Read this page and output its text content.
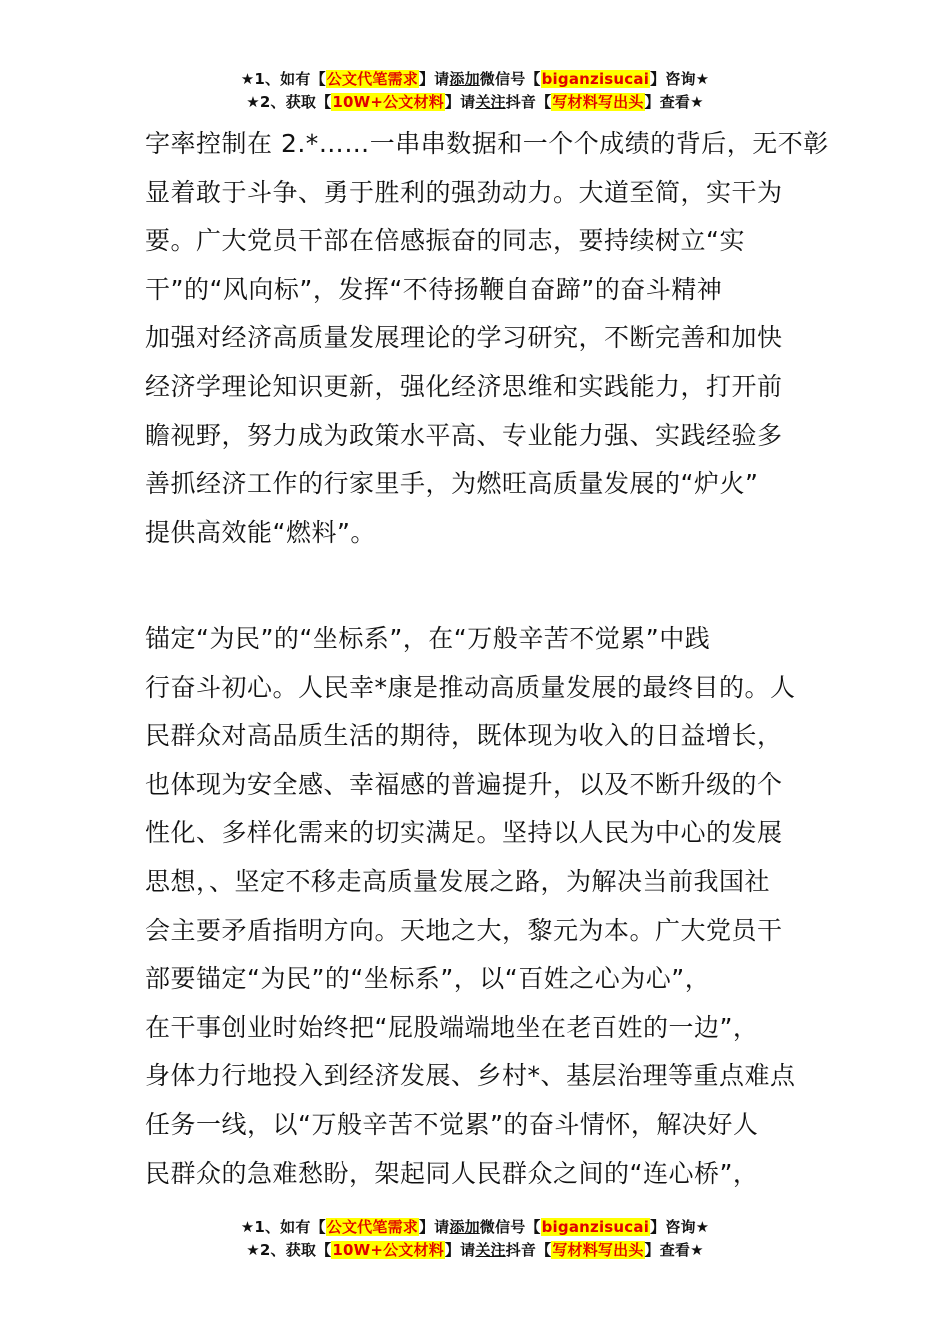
★1、如有【公文代笔需求】请添加微信号【biganzisucai】咨询★
★2、获取【10W+公文材料】请关注抖音【写材料写出头】查看★
字率控制在 2.*……一串串数据和一个个成绩的背后，无不彰
显着敢于斗争、勇于胜利的强劲动力。大道至简，实干为
要。广大党员干部在倍感振奋的同志，要持续树立“实
干”的“风向标”，发挥“不待扬鞭自奋蹄”的奋斗精神
加强对经济高质量发展理论的学习研究，不断完善和加快
经济学理论知识更新，强化经济思维和实践能力，打开前
瞻视野，努力成为政策水平高、专业能力强、实践经验多
善抓经济工作的行家里手，为燃旺高质量发展的“炉火”
提供高效能“燃料”。
锚定“为民”的“坐标系”，在“万般辛苦不觉累”中践
行奋斗初心。人民幸*康是推动高质量发展的最终目的。人
民群众对高品质生活的期待，既体现为收入的日益增长，
也体现为安全感、幸福感的普遍提升，以及不断升级的个
性化、多样化需来的切实满足。坚持以人民为中心的发展
思想，、坚定不移走高质量发展之路，为解决当前我国社
会主要矛盾指明方向。天地之大，黎元为本。广大党员干
部要锚定“为民”的“坐标系”，以“百姓之心为心”，
在干事创业时始终把“屁股端端地坐在老百姓的一边”，
身体力行地投入到经济发展、乡村*、基层治理等重点难点
任务一线，以“万般辛苦不觉累”的奋斗情怀，解决好人
民群众的急难愁盼，架起同人民群众之间的“连心桥”，
★1、如有【公文代笔需求】请添加微信号【biganzisucai】咨询★
★2、获取【10W+公文材料】请关注抖音【写材料写出头】查看★
